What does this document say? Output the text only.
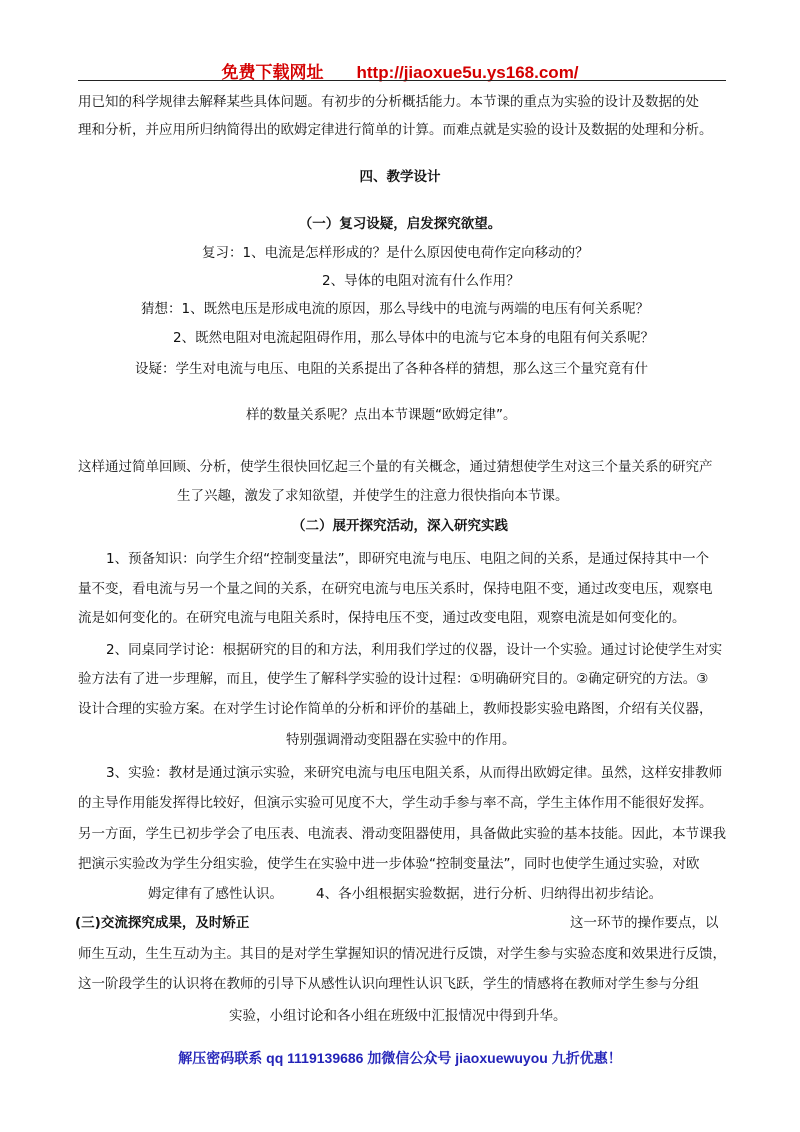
免费下载网址 http://jiaoxue5u.ys168.com/
用已知的科学规律去解释某些具体问题。有初步的分析概括能力。本节课的重点为实验的设计及数据的处
理和分析，并应用所归纳简得出的欧姆定律进行简单的计算。而难点就是实验的设计及数据的处理和分析。
四、教学设计
（一）复习设疑，启发探究欲望。
复习：1、电流是怎样形成的？是什么原因使电荷作定向移动的？
2、导体的电阻对流有什么作用？
猜想：1、既然电压是形成电流的原因，那么导线中的电流与两端的电压有何关系呢？
2、既然电阻对电流起阻碍作用，那么导体中的电流与它本身的电阻有何关系呢？
设疑：学生对电流与电压、电阻的关系提出了各种各样的猜想，那么这三个量究竟有什
样的数量关系呢？点出本节课题“欧姆定律”。
这样通过简单回顾、分析，使学生很快回忆起三个量的有关概念，通过猜想使学生对这三个量关系的研究产
生了兴趣，激发了求知欲望，并使学生的注意力很快指向本节课。
（二）展开探究活动，深入研究实践
1、预备知识：向学生介绍“控制变量法”，即研究电流与电压、电阻之间的关系，是通过保持其中一个
量不变，看电流与另一个量之间的关系，在研究电流与电压关系时，保持电阻不变，通过改变电压，观察电
流是如何变化的。在研究电流与电阻关系时，保持电压不变，通过改变电阻，观察电流是如何变化的。
2、同桌同学讨论：根据研究的目的和方法，利用我们学过的仪器，设计一个实验。通过讨论使学生对实
验方法有了进一步理解，而且，使学生了解科学实验的设计过程：①明确研究目的。②确定研究的方法。③
设计合理的实验方案。在对学生讨论作简单的分析和评价的基础上，教师投影实验电路图，介绍有关仪器，
特别强调滑动变阻器在实验中的作用。
3、实验：教材是通过演示实验，来研究电流与电压电阻关系，从而得出欧姆定律。虽然，这样安排教师
的主导作用能发挥得比较好，但演示实验可见度不大，学生动手参与率不高，学生主体作用不能很好发挥。
另一方面，学生已初步学会了电压表、电流表、滑动变阻器使用，具备做此实验的基本技能。因此，本节课我
把演示实验改为学生分组实验，使学生在实验中进一步体验“控制变量法”，同时也使学生通过实验，对欧
姆定律有了感性认识。 4、各小组根据实验数据，进行分析、归纳得出初步结论。
(三)交流探究成果，及时矫正	这一环节的操作要点，以
师生互动，生生互动为主。其目的是对学生掌握知识的情况进行反馈，对学生参与实验态度和效果进行反馈，
这一阶段学生的认识将在教师的引导下从感性认识向理性认识飞跃，学生的情感将在教师对学生参与分组
实验，小组讨论和各小组在班级中汇报情况中得到升华。
解压密码联系 qq 1119139686 加微信公众号 jiaoxuewuyou 九折优惠！
